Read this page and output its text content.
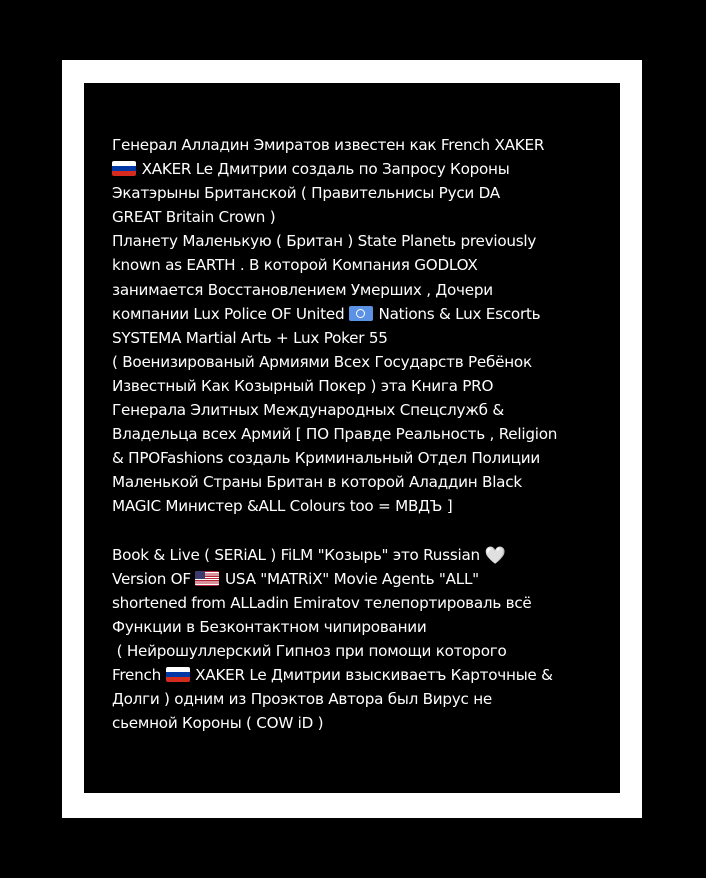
Генерал Алладин Эмиратов известен как French XAKER
XAKER Le Дмитрии создаль по Запросу Короны
Экатэрыны Британской ( Правительнисы Руси DA
GREAT Britain Crown )
Планету Маленькую ( Британ ) State Planetь previously
known as EARTH . В которой Компания GODLOX
занимается Восстановлением Умерших , Дочери
компании Lux Police OF United  Nations & Lux Escortь
SYSTEMA Martial Artь + Lux Poker 55
( Военизированый Армиями Всех Государств Ребёнок
Известный Как Козырный Покер ) эта Книга PRO
Генерала Элитных Международных Спецслужб &
Владельца всех Армий [ ПО Правде Реальность , Religion
& ПРОFashions создаль Криминальный Отдел Полиции
Маленькой Страны Британ в которой Аладдин Black
MAGIC Министер &ALL Colours too = МВДЪ ]
Book & Live ( SERiAL ) FiLM "Козырь" это Russian 🤍
Version OF  USA "MATRiX" Movie Agentь "ALL"
shortened from ALLadin Emiratov телепортироваль всё
Функции в Безконтактном чипировании
( Нейрошуллерский Гипноз при помощи которого
French
XAKER Le Дмитрии взыскиваетъ Карточные &
Долги ) одним из Проэктов Автора был Вирус не
сьемной Короны ( COW iD )
